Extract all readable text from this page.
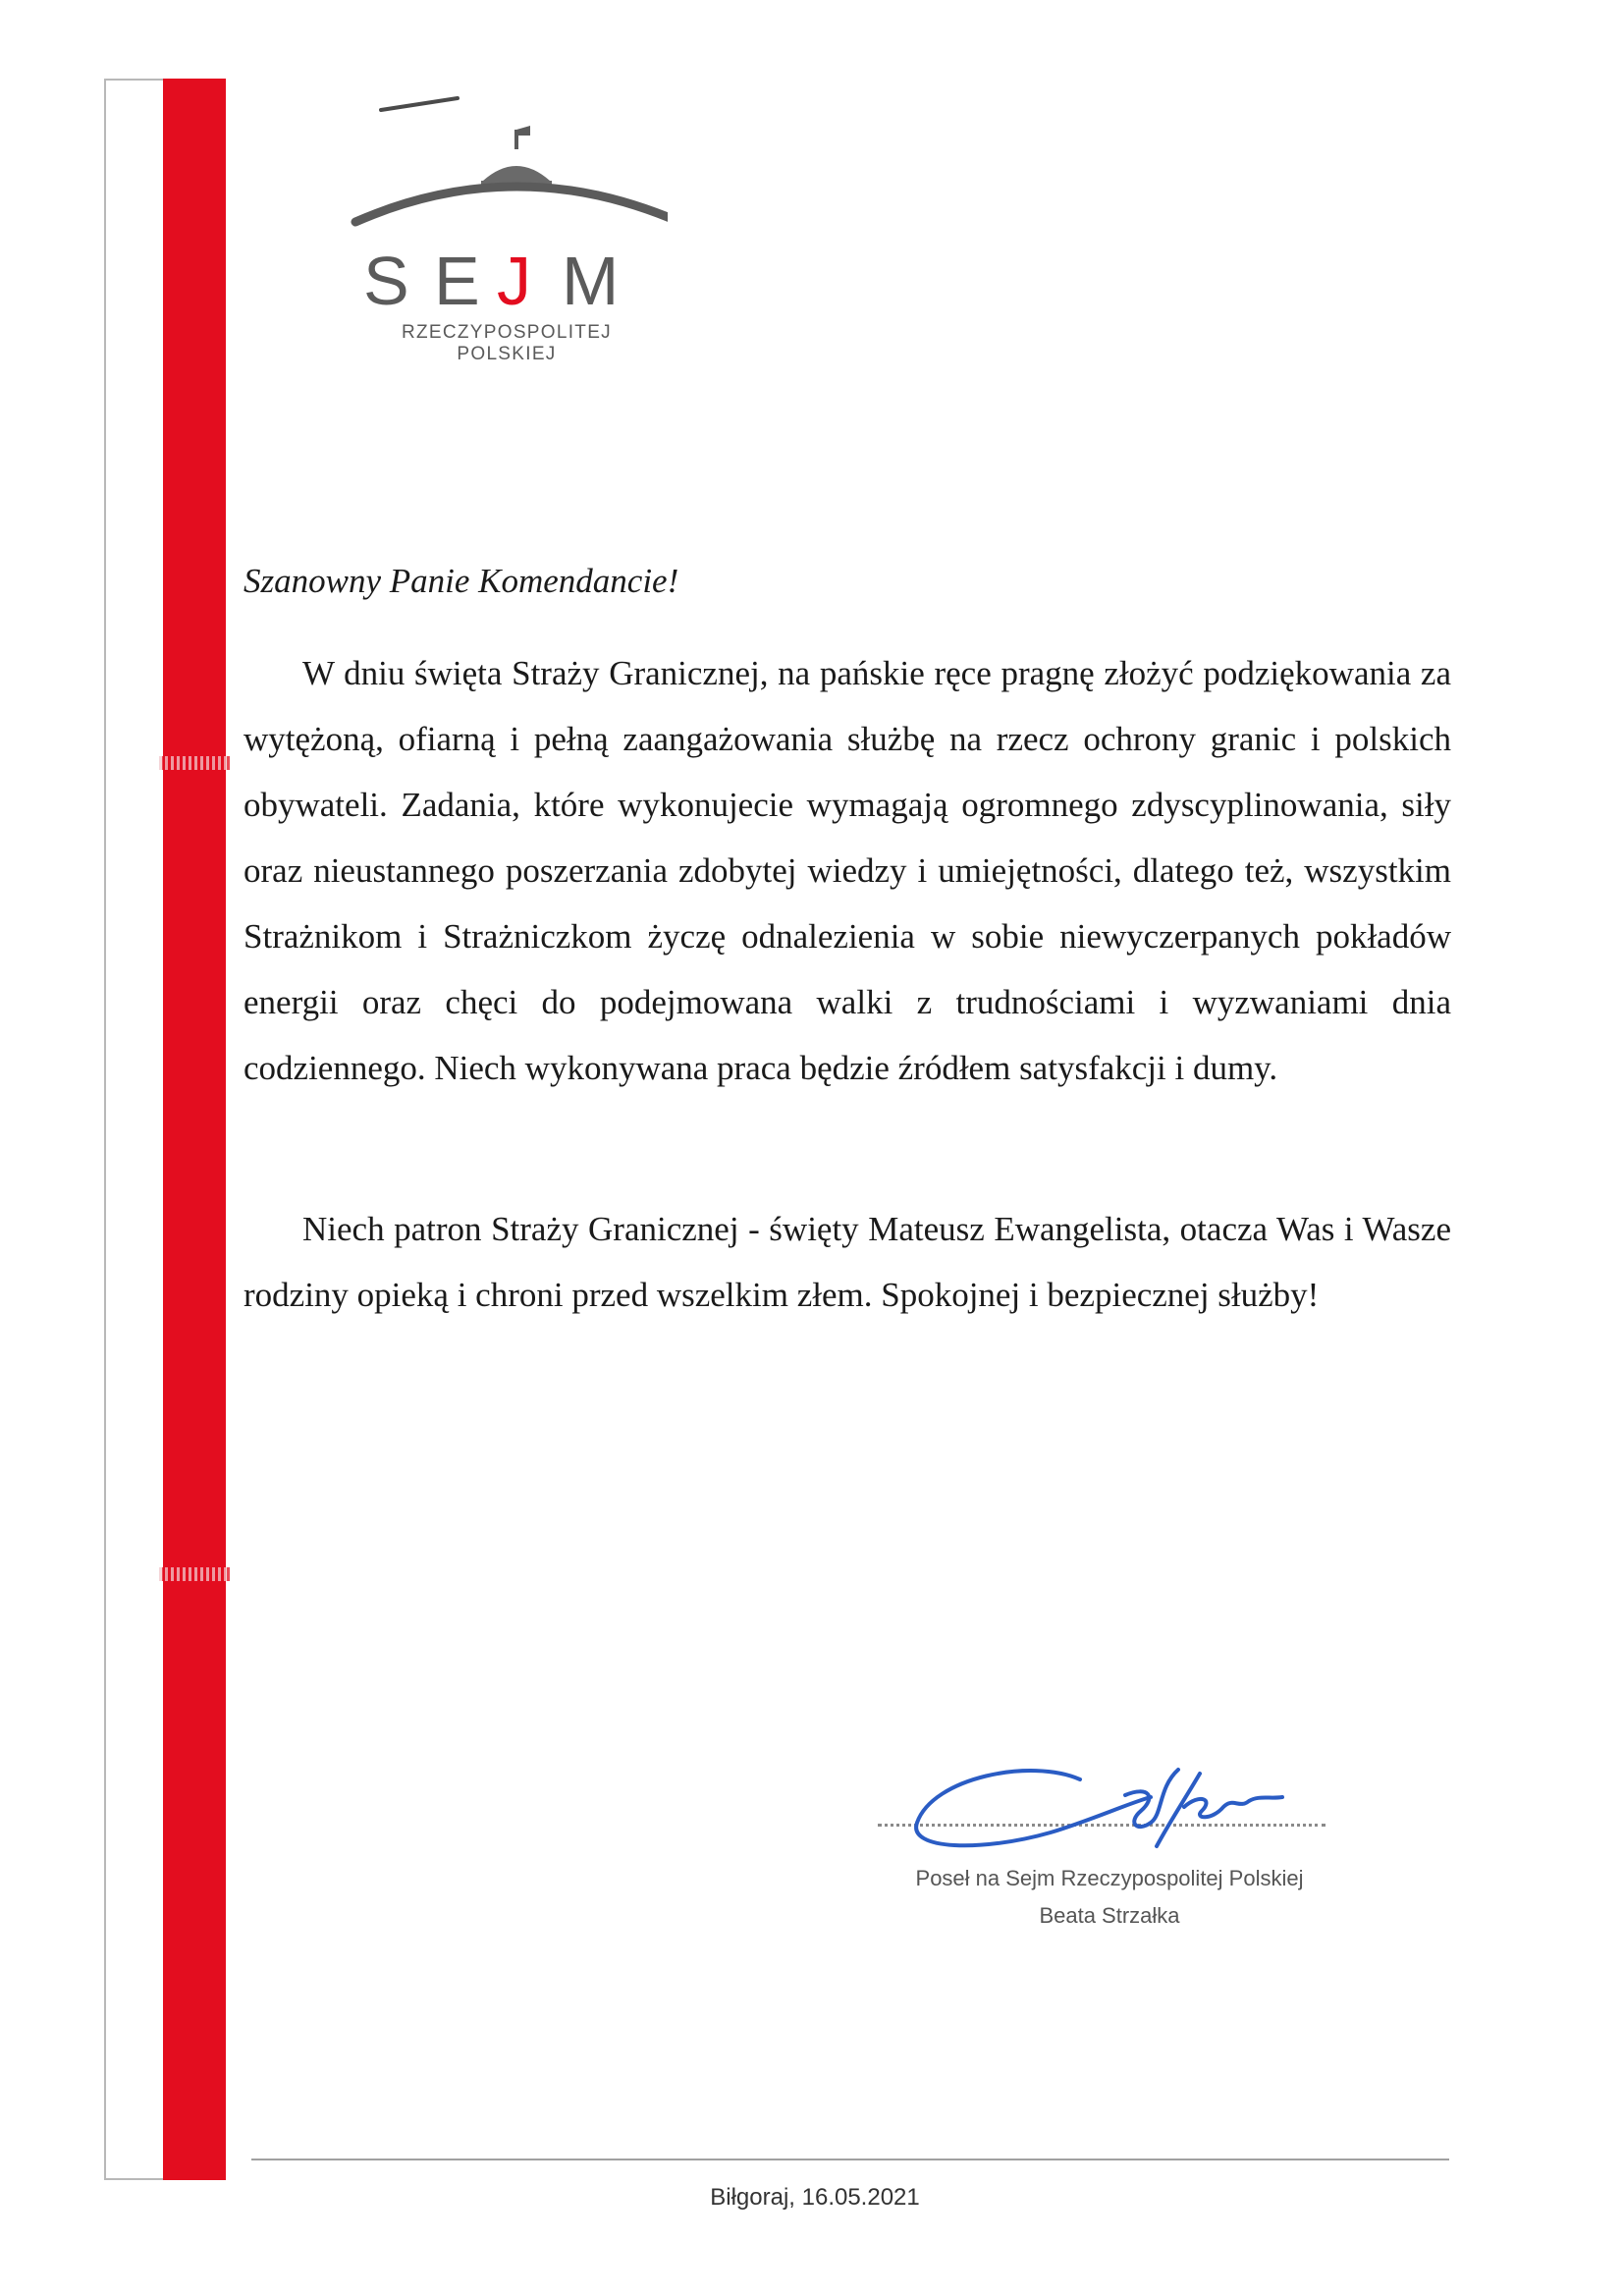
S E J M
RZECZYPOSPOLITEJ POLSKIEJ
Szanowny Panie Komendancie!

W dniu święta Straży Granicznej, na pańskie ręce pragnę złożyć podziękowania za wytężoną, ofiarną i pełną zaangażowania służbę na rzecz ochrony granic i polskich obywateli. Zadania, które wykonujecie wymagają ogromnego zdyscyplinowania, siły oraz nieustannego poszerzania zdobytej wiedzy i umiejętności, dlatego też, wszystkim Strażnikom i Strażniczkom życzę odnalezienia w sobie niewyczerpanych pokładów energii oraz chęci do podejmowana walki z trudnościami i wyzwaniami dnia codziennego. Niech wykonywana praca będzie źródłem satysfakcji i dumy.

Niech patron Straży Granicznej - święty Mateusz Ewangelista, otacza Was i Wasze rodziny opieką i chroni przed wszelkim złem. Spokojnej i bezpiecznej służby!

Poseł na Sejm Rzeczypospolitej Polskiej
Beata Strzałka
Biłgoraj, 16.05.2021
